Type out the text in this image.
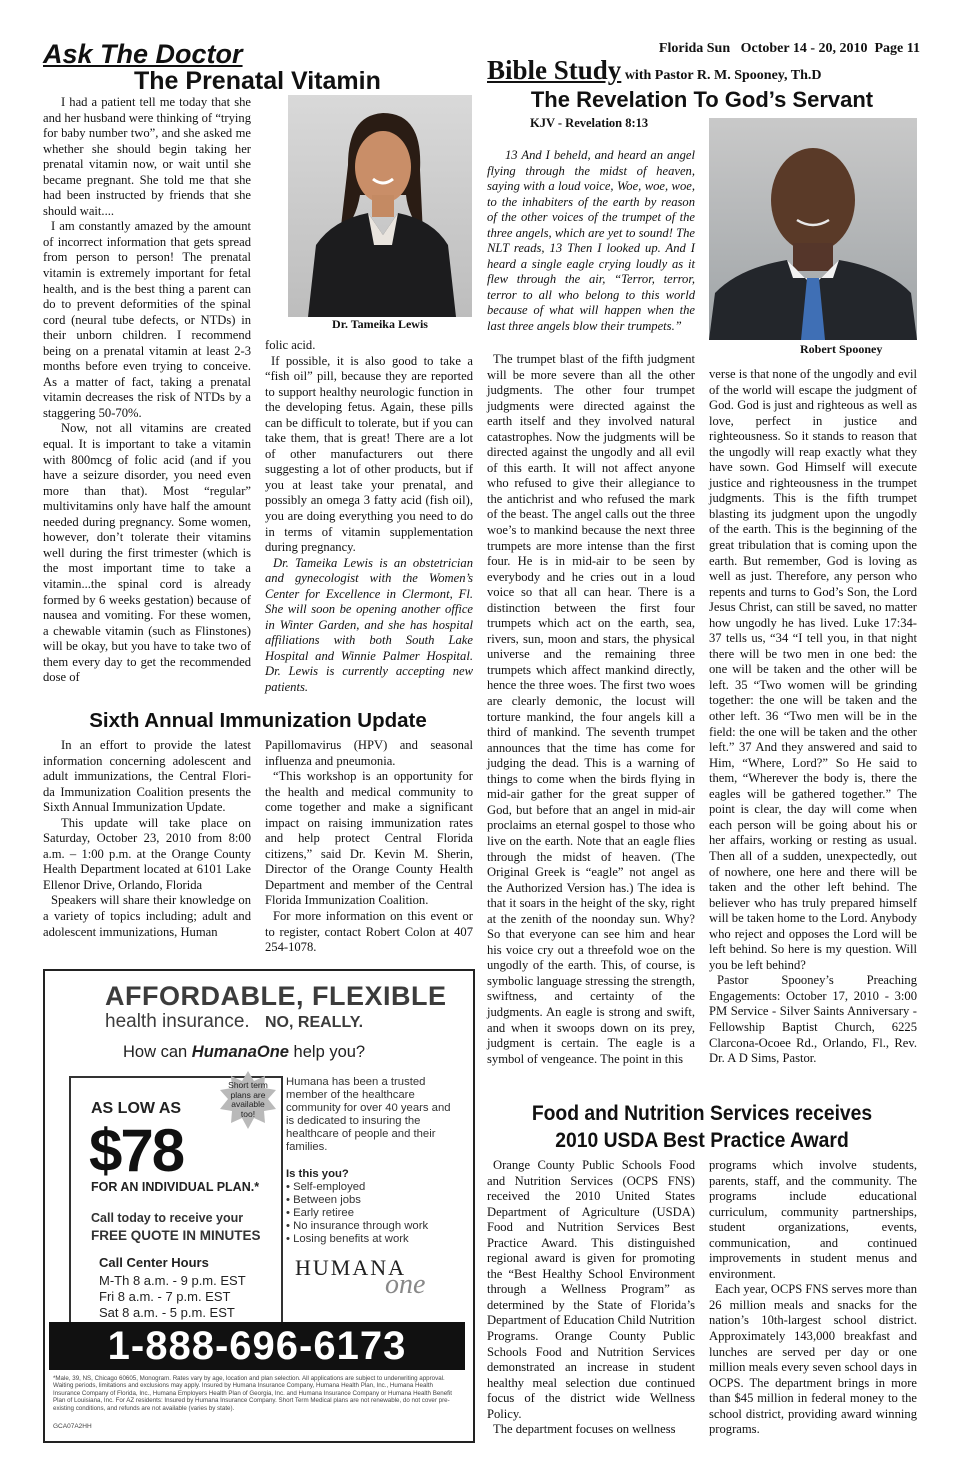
Ask The Doctor
The Prenatal Vitamin
Florida Sun   October 14 - 20, 2010  Page 11

I had a patient tell me today that she and her husband were thinking of “trying for baby number two”, and she asked me whether she should begin taking her prenatal vitamin now, or wait until she became pregnant. She told me that she had been instructed by friends that she should wait....

I am constantly amazed by the amount of incorrect information that gets spread from person to person! The prenatal vitamin is extremely important for fetal health, and is the best thing a parent can do to prevent deformities of the spinal cord (neural tube defects, or NTDs) in their unborn children. I recommend being on a prenatal vitamin at least 2-3 months before even trying to conceive. As a matter of fact, taking a prenatal vitamin decreases the risk of NTDs by a staggering 50-70%.

Now, not all vitamins are created equal. It is important to take a vitamin with 800mcg of folic acid (and if you have a seizure disorder, you need even more than that). Most “regular” multivitamins only have half the amount needed during pregnancy. Some women, however, don’t tolerate their vitamins well during the first trimester (which is the most important time to take a vitamin...the spinal cord is already formed by 6 weeks gestation) because of nausea and vomiting. For these women, a chewable vitamin (such as Flinstones) will be okay, but you have to take two of them every day to get the recommended dose of

Dr. Tameika Lewis

folic acid.

If possible, it is also good to take a “fish oil” pill, because they are reported to support healthy neurologic function in the developing fetus. Again, these pills can be difficult to tolerate, but if you can take them, that is great! There are a lot of other manufacturers out there suggesting a lot of other products, but if you at least take your prenatal, and possibly an omega 3 fatty acid (fish oil), you are doing everything you need to do in terms of vitamin supplementation during pregnancy.

Dr. Tameika Lewis is an obstetrician and gynecologist with the Women’s Center for Excellence in Clermont, Fl. She will soon be opening another office in Winter Garden, and she has hospital affiliations with both South Lake Hospital and Winnie Palmer Hospital. Dr. Lewis is currently accepting new patients.

Sixth Annual Immunization Update

In an effort to provide the latest information concerning adolescent and adult immunizations, the Central Flori-da Immunization Coalition presents the Sixth Annual Immunization Update.

This update will take place on Saturday, October 23, 2010 from 8:00 a.m. – 1:00 p.m. at the Orange County Health Department located at 6101 Lake Ellenor Drive, Orlando, Florida

Speakers will share their knowledge on a variety of topics including; adult and adolescent immunizations, Human

Papillomavirus (HPV) and seasonal influenza and pneumonia.

“This workshop is an opportunity for the health and medical community to come together and make a significant impact on raising immunization rates and help protect Central Florida citizens,” said Dr. Kevin M. Sherin, Director of the Orange County Health Department and member of the Central Florida Immunization Coalition.

For more information on this event or to register, contact Robert Colon at 407 254-1078.

AFFORDABLE, FLEXIBLE
health insurance. NO, REALLY.
How can HumanaOne help you?
AS LOW AS
$78
FOR AN INDIVIDUAL PLAN.*
Call today to receive your
FREE QUOTE IN MINUTES
Call Center Hours
M-Th 8 a.m. - 9 p.m. EST
Fri 8 a.m. - 7 p.m. EST
Sat 8 a.m. - 5 p.m. EST
Short term plans are available too!
Humana has been a trusted member of the healthcare community for over 40 years and is dedicated to insuring the healthcare of people and their families.
Is this you?
• Self-employed
• Between jobs
• Early retiree
• No insurance through work
• Losing benefits at work
HUMANA
one
1-888-696-6173
*Male, 39, NS, Chicago 60605, Monogram. Rates vary by age, location and plan selection. All applications are subject to underwriting approval. Waiting periods, limitations and exclusions may apply. Insured by Humana Insurance Company, Humana Health Plan, Inc., Humana Health Insurance Company of Florida, Inc., Humana Employers Health Plan of Georgia, Inc. and Humana Insurance Company or Humana Health Benefit Plan of Louisiana, Inc. For AZ residents: Insured by Humana Insurance Company. Short Term Medical plans are not renewable, do not cover pre-existing conditions, and refunds are not available (varies by state).
GCA07A2HH
Bible Study with Pastor R. M. Spooney, Th.D
The Revelation To God’s Servant
KJV - Revelation 8:13

13 And I beheld, and heard an angel flying through the midst of heaven, saying with a loud voice, Woe, woe, woe, to the inhabiters of the earth by reason of the other voices of the trumpet of the three angels, which are yet to sound! The NLT reads, 13 Then I looked up. And I heard a single eagle crying loudly as it flew through the air, “Terror, terror, terror to all who belong to this world because of what will happen when the last three angels blow their trumpets.”

Robert Spooney

The trumpet blast of the fifth judgment will be more severe than all the other judgments. The other four trumpet judgments were directed against the earth itself and they involved natural catastrophes. Now the judgments will be directed against the ungodly and all evil of this earth. It will not affect anyone who refused to give their allegiance to the antichrist and who refused the mark of the beast. The angel calls out the three woe’s to mankind because the next three trumpets are more intense than the first four. He is in mid-air to be seen by everybody and he cries out in a loud voice so that all can hear. There is a distinction between the first four trumpets which act on the earth, sea, rivers, sun, moon and stars, the physical universe and the remaining three trumpets which affect mankind directly, hence the three woes. The first two woes are clearly demonic, the locust will torture mankind, the four angels kill a third of mankind. The seventh trumpet announces that the time has come for judging the dead. This is a warning of things to come when the birds flying in mid-air gather for the great supper of God, but before that an angel in mid-air proclaims an eternal gospel to those who live on the earth. Note that an eagle flies through the midst of heaven. (The Original Greek is “eagle” not angel as the Authorized Version has.) The idea is that it soars in the height of the sky, right at the zenith of the noonday sun. Why? So that everyone can see him and hear his voice cry out a threefold woe on the ungodly of the earth. This, of course, is symbolic language stressing the strength, swiftness, and certainty of the judgments. An eagle is strong and swift, and when it swoops down on its prey, judgment is certain. The eagle is a symbol of vengeance. The point in this

verse is that none of the ungodly and evil of the world will escape the judgment of God. God is just and righteous as well as love, perfect in justice and righteousness. So it stands to reason that the ungodly will reap exactly what they have sown. God Himself will execute justice and righteousness in the trumpet judgments. This is the fifth trumpet blasting its judgment upon the ungodly of the earth. This is the beginning of the great tribulation that is coming upon the earth. But remember, God is loving as well as just. Therefore, any person who repents and turns to God’s Son, the Lord Jesus Christ, can still be saved, no matter how ungodly he has lived. Luke 17:34-37 tells us, “34 “I tell you, in that night there will be two men in one bed: the one will be taken and the other will be left. 35 “Two women will be grinding together: the one will be taken and the other left. 36 “Two men will be in the field: the one will be taken and the other left.” 37 And they answered and said to Him, “Where, Lord?” So He said to them, “Wherever the body is, there the eagles will be gathered together.” The point is clear, the day will come when each person will be going about his or her affairs, working or resting as usual. Then all of a sudden, unexpectedly, out of nowhere, one here and there will be taken and the other left behind. The believer who has truly prepared himself will be taken home to the Lord. Anybody who reject and opposes the Lord will be left behind. So here is my question. Will you be left behind?

Pastor Spooney’s Preaching Engagements: October 17, 2010 - 3:00 PM Service - Silver Saints Anniversary - Fellowship Baptist Church, 6225 Clarcona-Ocoee Rd., Orlando, Fl., Rev. Dr. A D Sims, Pastor.

Food and Nutrition Services receives
2010 USDA Best Practice Award

Orange County Public Schools Food and Nutrition Services (OCPS FNS) received the 2010 United States Department of Agriculture (USDA) Food and Nutrition Services Best Practice Award. This distinguished regional award is given for promoting the “Best Healthy School Environment through a Wellness Program” as determined by the State of Florida’s Department of Education Child Nutrition Programs. Orange County Public Schools Food and Nutrition Services demonstrated an increase in student healthy meal selection due continued focus of the district wide Wellness Policy.

The department focuses on wellness

programs which involve students, parents, staff, and the community. The programs include educational curriculum, community partnerships, student organizations, events, communication, and continued improvements in student menus and environment.

Each year, OCPS FNS serves more than 26 million meals and snacks for the nation’s 10th-largest school district. Approximately 143,000 breakfast and lunches are served per day or one million meals every seven school days in OCPS. The department brings in more than $45 million in federal money to the school district, providing award winning programs.
